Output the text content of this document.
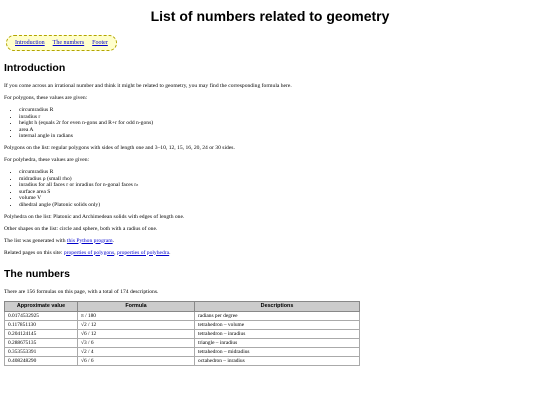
List of numbers related to geometry
Introduction The numbers Footer
Introduction

If you come across an irrational number and think it might be related to geometry, you may find the corresponding formula here.

For polygons, these values are given:

• circumradius R
• inradius r
• height h (equals 2r for even n-gons and R+r for odd n-gons)
• area A
• internal angle in radians

Polygons on the list: regular polygons with sides of length one and 3–10, 12, 15, 16, 20, 24 or 30 sides.

For polyhedra, these values are given:

• circumradius R
• midradius ρ (small rho)
• inradius for all faces r or inradius for n-gonal faces rₙ
• surface area S
• volume V
• dihedral angle (Platonic solids only)

Polyhedra on the list: Platonic and Archimedean solids with edges of length one.

Other shapes on the list: circle and sphere, both with a radius of one.

The list was generated with this Python program.

Related pages on this site: properties of polygons, properties of polyhedra.

The numbers

There are 156 formulas on this page, with a total of 174 descriptions.

Approximate value	Formula	Descriptions
0.0174532925	π / 180	radians per degree
0.117851130	√2 / 12	tetrahedron – volume
0.204124145	√6 / 12	tetrahedron – inradius
0.288675135	√3 / 6	triangle – inradius
0.353553391	√2 / 4	tetrahedron – midradius
0.408248290	√6 / 6	octahedron – inradius
